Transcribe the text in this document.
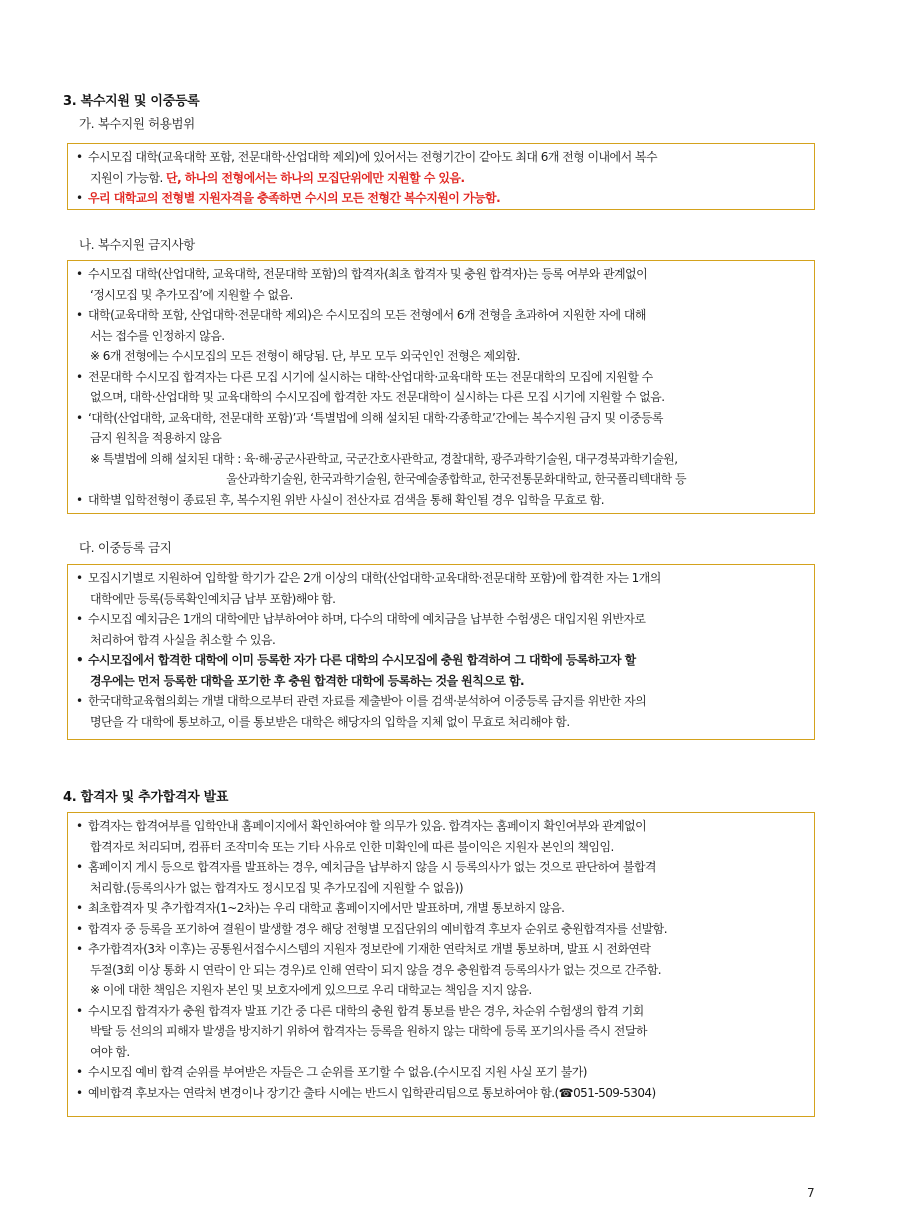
3. 복수지원 및 이중등록
가. 복수지원 허용범위
• 수시모집 대학(교육대학 포함, 전문대학·산업대학 제외)에 있어서는 전형기간이 같아도 최대 6개 전형 이내에서 복수
지원이 가능함. 단, 하나의 전형에서는 하나의 모집단위에만 지원할 수 있음.
• 우리 대학교의 전형별 지원자격을 충족하면 수시의 모든 전형간 복수지원이 가능함.
나. 복수지원 금지사항
• 수시모집 대학(산업대학, 교육대학, 전문대학 포함)의 합격자(최초 합격자 및 충원 합격자)는 등록 여부와 관계없이
‘정시모집 및 추가모집’에 지원할 수 없음.
• 대학(교육대학 포함, 산업대학·전문대학 제외)은 수시모집의 모든 전형에서 6개 전형을 초과하여 지원한 자에 대해
서는 접수를 인정하지 않음.
※ 6개 전형에는 수시모집의 모든 전형이 해당됨. 단, 부모 모두 외국인인 전형은 제외함.
• 전문대학 수시모집 합격자는 다른 모집 시기에 실시하는 대학·산업대학·교육대학 또는 전문대학의 모집에 지원할 수
없으며, 대학·산업대학 및 교육대학의 수시모집에 합격한 자도 전문대학이 실시하는 다른 모집 시기에 지원할 수 없음.
• ‘대학(산업대학, 교육대학, 전문대학 포함)’과 ‘특별법에 의해 설치된 대학·각종학교’간에는 복수지원 금지 및 이중등록
금지 원칙을 적용하지 않음
※ 특별법에 의해 설치된 대학 : 육·해·공군사관학교, 국군간호사관학교, 경찰대학, 광주과학기술원, 대구경북과학기술원,
울산과학기술원, 한국과학기술원, 한국예술종합학교, 한국전통문화대학교, 한국폴리텍대학 등
• 대학별 입학전형이 종료된 후, 복수지원 위반 사실이 전산자료 검색을 통해 확인될 경우 입학을 무효로 함.
다. 이중등록 금지
• 모집시기별로 지원하여 입학할 학기가 같은 2개 이상의 대학(산업대학·교육대학·전문대학 포함)에 합격한 자는 1개의
대학에만 등록(등록확인예치금 납부 포함)해야 함.
• 수시모집 예치금은 1개의 대학에만 납부하여야 하며, 다수의 대학에 예치금을 납부한 수험생은 대입지원 위반자로
처리하여 합격 사실을 취소할 수 있음.
• 수시모집에서 합격한 대학에 이미 등록한 자가 다른 대학의 수시모집에 충원 합격하여 그 대학에 등록하고자 할
경우에는 먼저 등록한 대학을 포기한 후 충원 합격한 대학에 등록하는 것을 원칙으로 함.
• 한국대학교육협의회는 개별 대학으로부터 관련 자료를 제출받아 이를 검색·분석하여 이중등록 금지를 위반한 자의
명단을 각 대학에 통보하고, 이를 통보받은 대학은 해당자의 입학을 지체 없이 무효로 처리해야 함.
4. 합격자 및 추가합격자 발표
• 합격자는 합격여부를 입학안내 홈페이지에서 확인하여야 할 의무가 있음. 합격자는 홈페이지 확인여부와 관계없이
합격자로 처리되며, 컴퓨터 조작미숙 또는 기타 사유로 인한 미확인에 따른 불이익은 지원자 본인의 책임임.
• 홈페이지 게시 등으로 합격자를 발표하는 경우, 예치금을 납부하지 않을 시 등록의사가 없는 것으로 판단하여 불합격
처리함.(등록의사가 없는 합격자도 정시모집 및 추가모집에 지원할 수 없음))
• 최초합격자 및 추가합격자(1~2차)는 우리 대학교 홈페이지에서만 발표하며, 개별 통보하지 않음.
• 합격자 중 등록을 포기하여 결원이 발생할 경우 해당 전형별 모집단위의 예비합격 후보자 순위로 충원합격자를 선발함.
• 추가합격자(3차 이후)는 공통원서접수시스템의 지원자 정보란에 기재한 연락처로 개별 통보하며, 발표 시 전화연락
두절(3회 이상 통화 시 연락이 안 되는 경우)로 인해 연락이 되지 않을 경우 충원합격 등록의사가 없는 것으로 간주함.
※ 이에 대한 책임은 지원자 본인 및 보호자에게 있으므로 우리 대학교는 책임을 지지 않음.
• 수시모집 합격자가 충원 합격자 발표 기간 중 다른 대학의 충원 합격 통보를 받은 경우, 차순위 수험생의 합격 기회
박탈 등 선의의 피해자 발생을 방지하기 위하여 합격자는 등록을 원하지 않는 대학에 등록 포기의사를 즉시 전달하
여야 함.
• 수시모집 예비 합격 순위를 부여받은 자들은 그 순위를 포기할 수 없음.(수시모집 지원 사실 포기 불가)
• 예비합격 후보자는 연락처 변경이나 장기간 출타 시에는 반드시 입학관리팀으로 통보하여야 함.(☎051-509-5304)
7
